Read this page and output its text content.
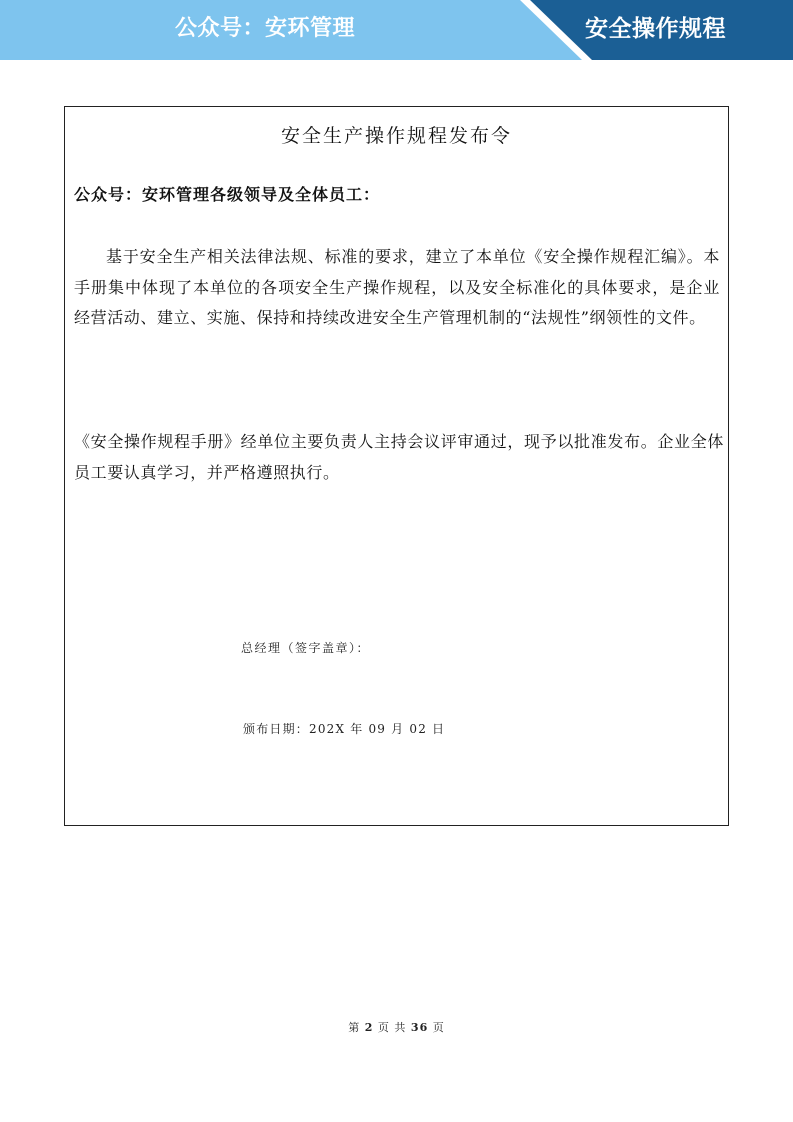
公众号：安环管理	安全操作规程
安全生产操作规程发布令
公众号：安环管理各级领导及全体员工：

基于安全生产相关法律法规、标准的要求，建立了本单位《安全操作规程汇编》。本手册集中体现了本单位的各项安全生产操作规程，以及安全标准化的具体要求，是企业经营活动、建立、实施、保持和持续改进安全生产管理机制的“法规性”纲领性的文件。

《安全操作规程手册》经单位主要负责人主持会议评审通过，现予以批准发布。企业全体员工要认真学习，并严格遵照执行。

总经理（签字盖章）：
颁布日期：202X 年 09 月 02 日
第 2 页 共 36 页
